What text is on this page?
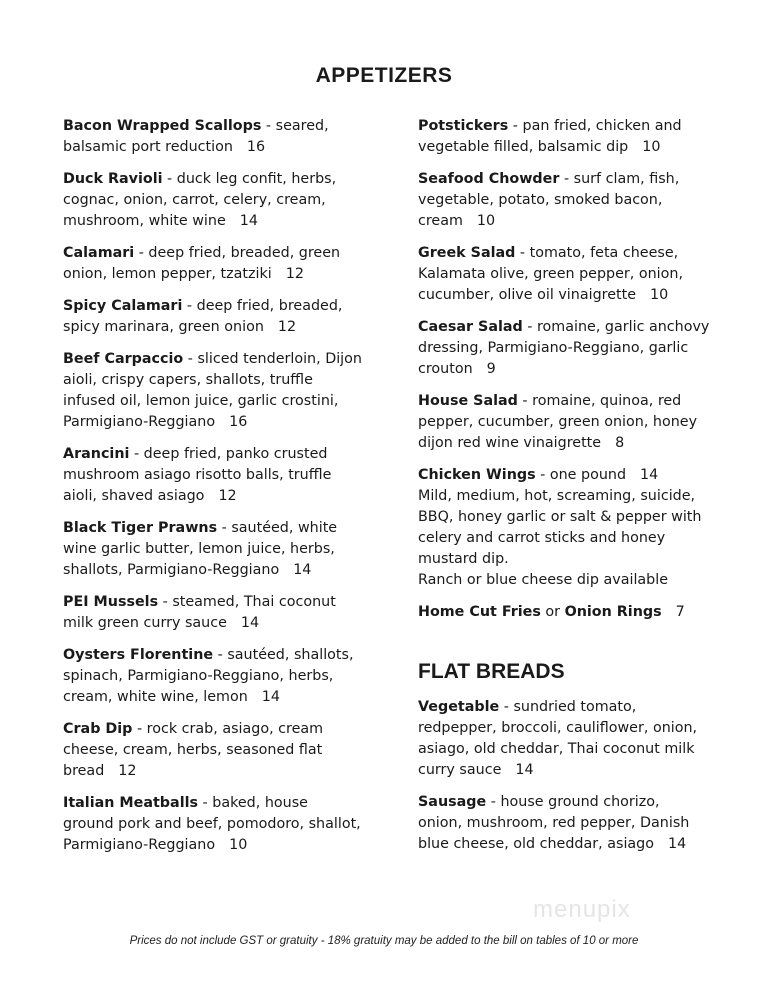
APPETIZERS
Bacon Wrapped Scallops - seared, balsamic port reduction 16
Duck Ravioli - duck leg confit, herbs, cognac, onion, carrot, celery, cream, mushroom, white wine 14
Calamari - deep fried, breaded, green onion, lemon pepper, tzatziki 12
Spicy Calamari - deep fried, breaded, spicy marinara, green onion 12
Beef Carpaccio - sliced tenderloin, Dijon aioli, crispy capers, shallots, truffle infused oil, lemon juice, garlic crostini, Parmigiano-Reggiano 16
Arancini - deep fried, panko crusted mushroom asiago risotto balls, truffle aioli, shaved asiago 12
Black Tiger Prawns - sautéed, white wine garlic butter, lemon juice, herbs, shallots, Parmigiano-Reggiano 14
PEI Mussels - steamed, Thai coconut milk green curry sauce 14
Oysters Florentine - sautéed, shallots, spinach, Parmigiano-Reggiano, herbs, cream, white wine, lemon 14
Crab Dip - rock crab, asiago, cream cheese, cream, herbs, seasoned flat bread 12
Italian Meatballs - baked, house ground pork and beef, pomodoro, shallot, Parmigiano-Reggiano 10
Potstickers - pan fried, chicken and vegetable filled, balsamic dip 10
Seafood Chowder - surf clam, fish, vegetable, potato, smoked bacon, cream 10
Greek Salad - tomato, feta cheese, Kalamata olive, green pepper, onion, cucumber, olive oil vinaigrette 10
Caesar Salad - romaine, garlic anchovy dressing, Parmigiano-Reggiano, garlic crouton 9
House Salad - romaine, quinoa, red pepper, cucumber, green onion, honey dijon red wine vinaigrette 8
Chicken Wings - one pound 14
Mild, medium, hot, screaming, suicide, BBQ, honey garlic or salt & pepper with celery and carrot sticks and honey mustard dip.
Ranch or blue cheese dip available
Home Cut Fries or Onion Rings 7
FLAT BREADS
Vegetable - sundried tomato, redpepper, broccoli, cauliflower, onion, asiago, old cheddar, Thai coconut milk curry sauce 14
Sausage - house ground chorizo, onion, mushroom, red pepper, Danish blue cheese, old cheddar, asiago 14
menupix
Prices do not include GST or gratuity - 18% gratuity may be added to the bill on tables of 10 or more
